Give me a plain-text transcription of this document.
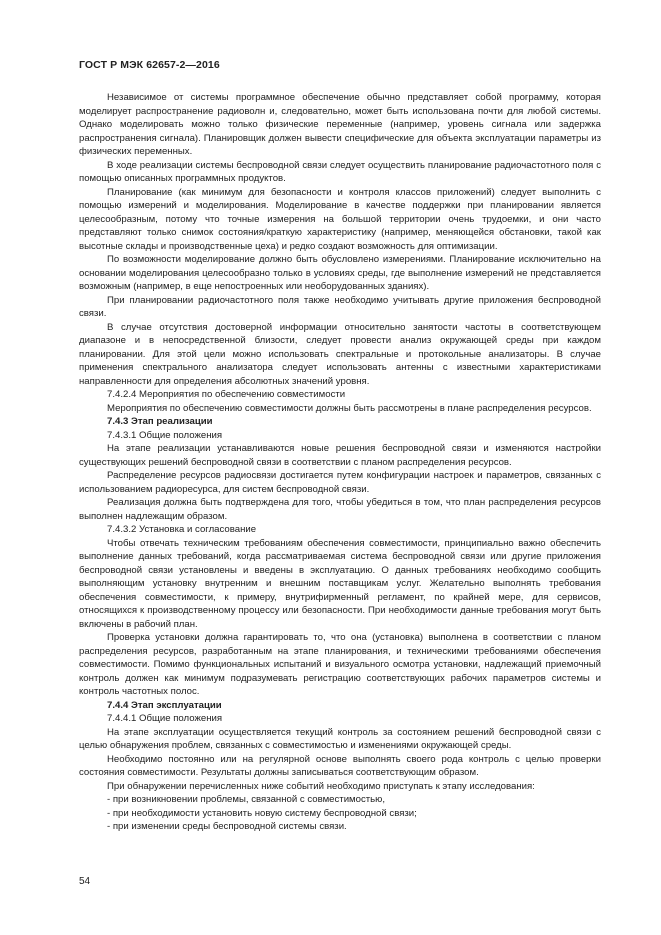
ГОСТ Р МЭК 62657-2—2016

Независимое от системы программное обеспечение обычно представляет собой программу, которая моделирует распространение радиоволн и, следовательно, может быть использована почти для любой системы. Однако моделировать можно только физические переменные (например, уровень сигнала или задержка распространения сигнала). Планировщик должен вывести специфические для объекта эксплуатации параметры из физических переменных.

В ходе реализации системы беспроводной связи следует осуществить планирование радиочастотного поля с помощью описанных программных продуктов.

Планирование (как минимум для безопасности и контроля классов приложений) следует выполнить с помощью измерений и моделирования. Моделирование в качестве поддержки при планировании является целесообразным, потому что точные измерения на большой территории очень трудоемки, и они часто представляют только снимок состояния/краткую характеристику (например, меняющейся обстановки, такой как высотные склады и производственные цеха) и редко создают возможность для оптимизации.

По возможности моделирование должно быть обусловлено измерениями. Планирование исключительно на основании моделирования целесообразно только в условиях среды, где выполнение измерений не представляется возможным (например, в еще непостроенных или необорудованных зданиях).

При планировании радиочастотного поля также необходимо учитывать другие приложения беспроводной связи.

В случае отсутствия достоверной информации относительно занятости частоты в соответствующем диапазоне и в непосредственной близости, следует провести анализ окружающей среды при каждом планировании. Для этой цели можно использовать спектральные и протокольные анализаторы. В случае применения спектрального анализатора следует использовать антенны с известными характеристиками направленности для определения абсолютных значений уровня.

7.4.2.4 Мероприятия по обеспечению совместимости

Мероприятия по обеспечению совместимости должны быть рассмотрены в плане распределения ресурсов.

7.4.3 Этап реализации

7.4.3.1 Общие положения

На этапе реализации устанавливаются новые решения беспроводной связи и изменяются настройки существующих решений беспроводной связи в соответствии с планом распределения ресурсов.

Распределение ресурсов радиосвязи достигается путем конфигурации настроек и параметров, связанных с использованием радиоресурса, для систем беспроводной связи.

Реализация должна быть подтверждена для того, чтобы убедиться в том, что план распределения ресурсов выполнен надлежащим образом.

7.4.3.2 Установка и согласование

Чтобы отвечать техническим требованиям обеспечения совместимости, принципиально важно обеспечить выполнение данных требований, когда рассматриваемая система беспроводной связи или другие приложения беспроводной связи установлены и введены в эксплуатацию. О данных требованиях необходимо сообщить выполняющим установку внутренним и внешним поставщикам услуг. Желательно выполнять требования обеспечения совместимости, к примеру, внутрифирменный регламент, по крайней мере, для сервисов, относящихся к производственному процессу или безопасности. При необходимости данные требования могут быть включены в рабочий план.

Проверка установки должна гарантировать то, что она (установка) выполнена в соответствии с планом распределения ресурсов, разработанным на этапе планирования, и техническими требованиями обеспечения совместимости. Помимо функциональных испытаний и визуального осмотра установки, надлежащий приемочный контроль должен как минимум подразумевать регистрацию соответствующих рабочих параметров системы и контроль частотных полос.

7.4.4 Этап эксплуатации

7.4.4.1 Общие положения

На этапе эксплуатации осуществляется текущий контроль за состоянием решений беспроводной связи с целью обнаружения проблем, связанных с совместимостью и изменениями окружающей среды.

Необходимо постоянно или на регулярной основе выполнять своего рода контроль с целью проверки состояния совместимости. Результаты должны записываться соответствующим образом.

При обнаружении перечисленных ниже событий необходимо приступать к этапу исследования:

- при возникновении проблемы, связанной с совместимостью,

- при необходимости установить новую систему беспроводной связи;

- при изменении среды беспроводной системы связи.

54
